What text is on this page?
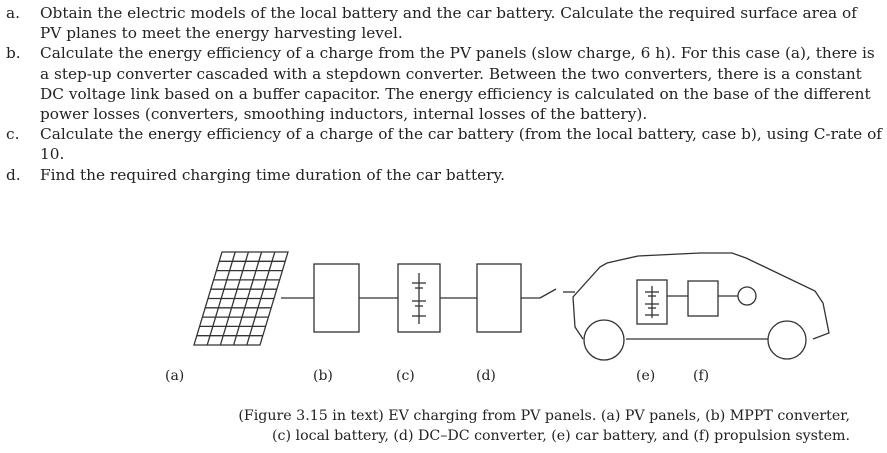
a.	Obtain the electric models of the local battery and the car battery. Calculate the required surface area of PV planes to meet the energy harvesting level.
b.	Calculate the energy efficiency of a charge from the PV panels (slow charge, 6 h). For this case (a), there is a step-up converter cascaded with a stepdown converter. Between the two converters, there is a constant DC voltage link based on a buffer capacitor. The energy efficiency is calculated on the base of the different power losses (converters, smoothing inductors, internal losses of the battery).
c.	Calculate the energy efficiency of a charge of the car battery (from the local battery, case b), using C-rate of 10.
d.	Find the required charging time duration of the car battery.
(a)	(b)	(c)	(d)	(e)	(f)
(Figure 3.15 in text) EV charging from PV panels. (a) PV panels, (b) MPPT converter,
(c) local battery, (d) DC–DC converter, (e) car battery, and (f) propulsion system.
